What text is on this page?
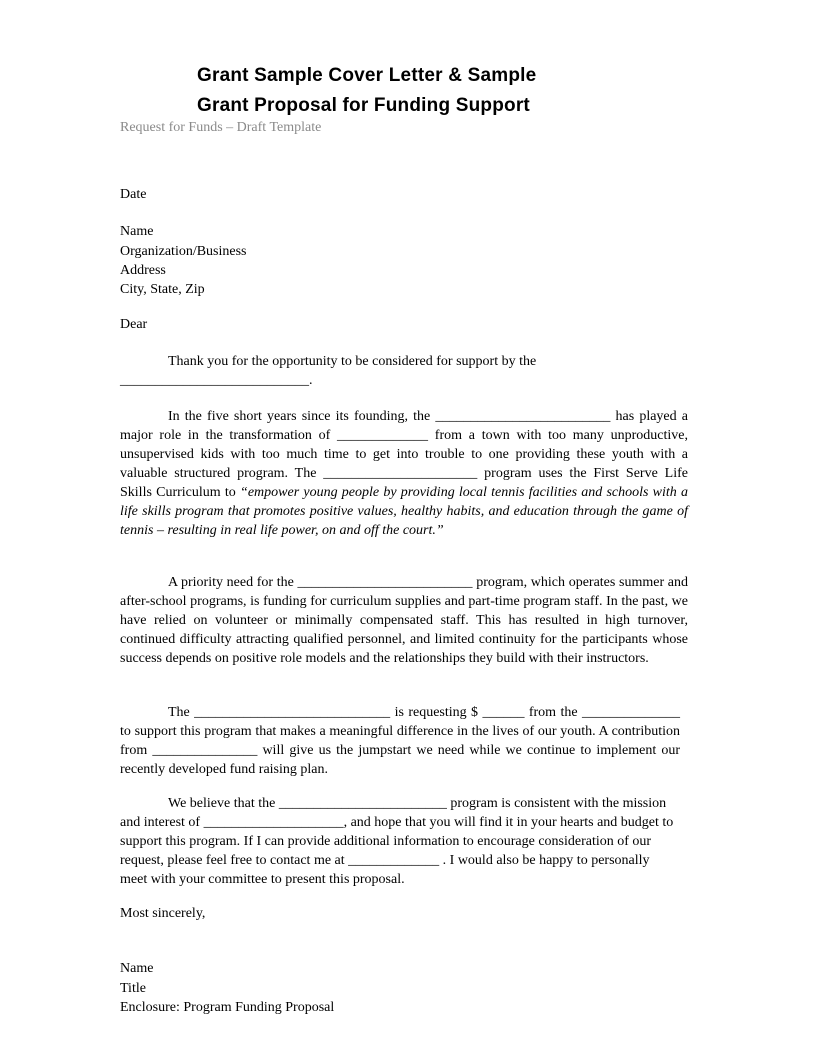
Grant Sample Cover Letter & Sample
Grant Proposal for Funding Support
Request for Funds – Draft Template
Date
Name
Organization/Business
Address
City, State, Zip
Dear
Thank you for the opportunity to be considered for support by the ___________________________.
In the five short years since its founding, the _________________________ has played a major role in the transformation of _____________ from a town with too many unproductive, unsupervised kids with too much time to get into trouble to one providing these youth with a valuable structured program. The ______________________ program uses the First Serve Life Skills Curriculum to “empower young people by providing local tennis facilities and schools with a life skills program that promotes positive values, healthy habits, and education through the game of tennis – resulting in real life power, on and off the court.”
A priority need for the _________________________ program, which operates summer and after-school programs, is funding for curriculum supplies and part-time program staff. In the past, we have relied on volunteer or minimally compensated staff. This has resulted in high turnover, continued difficulty attracting qualified personnel, and limited continuity for the participants whose success depends on positive role models and the relationships they build with their instructors.
The ____________________________ is requesting $ ______ from the ______________ to support this program that makes a meaningful difference in the lives of our youth. A contribution from _______________ will give us the jumpstart we need while we continue to implement our recently developed fund raising plan.
We believe that the ________________________ program is consistent with the mission and interest of ____________________, and hope that you will find it in your hearts and budget to support this program. If I can provide additional information to encourage consideration of our request, please feel free to contact me at _____________ . I would also be happy to personally meet with your committee to present this proposal.
Most sincerely,
Name
Title
Enclosure: Program Funding Proposal
